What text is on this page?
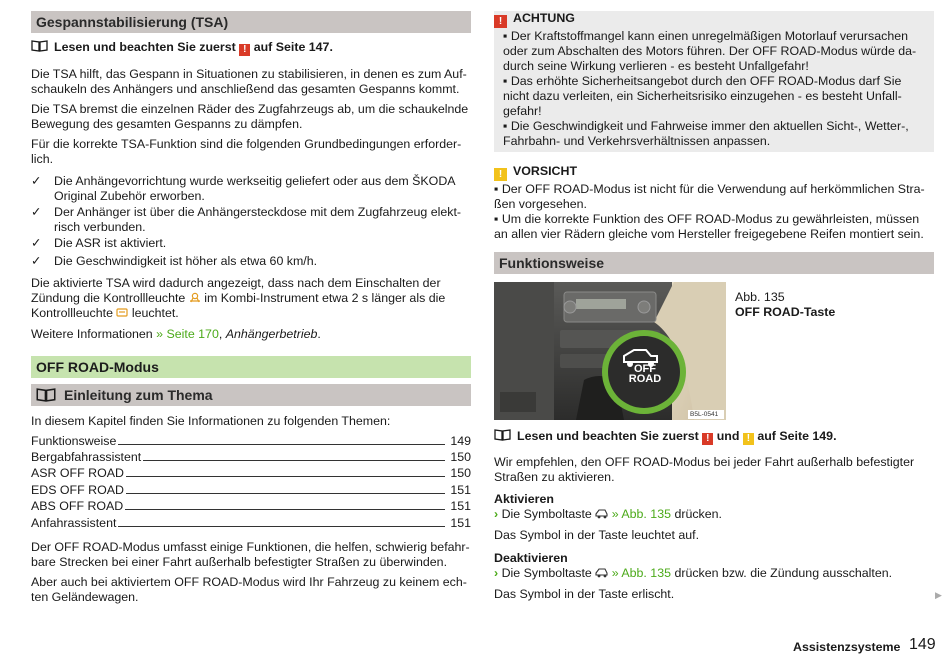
Gespannstabilisierung (TSA)
Lesen und beachten Sie zuerst ! auf Seite 147.
Die TSA hilft, das Gespann in Situationen zu stabilisieren, in denen es zum Auf-
schaukeln des Anhängers und anschließend das gesamten Gespanns kommt.
Die TSA bremst die einzelnen Räder des Zugfahrzeugs ab, um die schaukelnde
Bewegung des gesamten Gespanns zu dämpfen.
Für die korrekte TSA-Funktion sind die folgenden Grundbedingungen erforder-
lich.
✓	Die Anhängevorrichtung wurde werkseitig geliefert oder aus dem ŠKODA
Original Zubehör erworben.
✓	Der Anhänger ist über die Anhängersteckdose mit dem Zugfahrzeug elekt-
risch verbunden.
✓	Die ASR ist aktiviert.
✓	Die Geschwindigkeit ist höher als etwa 60 km/h.
Die aktivierte TSA wird dadurch angezeigt, dass nach dem Einschalten der
Zündung die Kontrollleuchte im Kombi-Instrument etwa 2 s länger als die
Kontrollleuchte leuchtet.
Weitere Informationen » Seite 170, Anhängerbetrieb.
OFF ROAD-Modus
Einleitung zum Thema
In diesem Kapitel finden Sie Informationen zu folgenden Themen:
Funktionsweise	149
Bergabfahrassistent	150
ASR OFF ROAD	150
EDS OFF ROAD	151
ABS OFF ROAD	151
Anfahrassistent	151
Der OFF ROAD-Modus umfasst einige Funktionen, die helfen, schwierig befahr-
bare Strecken bei einer Fahrt außerhalb befestigter Straßen zu überwinden.
Aber auch bei aktiviertem OFF ROAD-Modus wird Ihr Fahrzeug zu keinem ech-
ten Geländewagen.
! ACHTUNG
▪ Der Kraftstoffmangel kann einen unregelmäßigen Motorlauf verursachen
oder zum Abschalten des Motors führen. Der OFF ROAD-Modus würde da-
durch seine Wirkung verlieren - es besteht Unfallgefahr!
▪ Das erhöhte Sicherheitsangebot durch den OFF ROAD-Modus darf Sie
nicht dazu verleiten, ein Sicherheitsrisiko einzugehen - es besteht Unfall-
gefahr!
▪ Die Geschwindigkeit und Fahrweise immer den aktuellen Sicht-, Wetter-,
Fahrbahn- und Verkehrsverhältnissen anpassen.
! VORSICHT
▪ Der OFF ROAD-Modus ist nicht für die Verwendung auf herkömmlichen Stra-
ßen vorgesehen.
▪ Um die korrekte Funktion des OFF ROAD-Modus zu gewährleisten, müssen
an allen vier Rädern gleiche vom Hersteller freigegebene Reifen montiert sein.
Funktionsweise
OFF
ROAD
B5L-0541
Abb. 135
OFF ROAD-Taste
Lesen und beachten Sie zuerst ! und ! auf Seite 149.
Wir empfehlen, den OFF ROAD-Modus bei jeder Fahrt außerhalb befestigter
Straßen zu aktivieren.
Aktivieren
› Die Symboltaste » Abb. 135 drücken.
Das Symbol in der Taste leuchtet auf.
Deaktivieren
› Die Symboltaste » Abb. 135 drücken bzw. die Zündung ausschalten.
Das Symbol in der Taste erlischt.	▶
Assistenzsysteme 149
